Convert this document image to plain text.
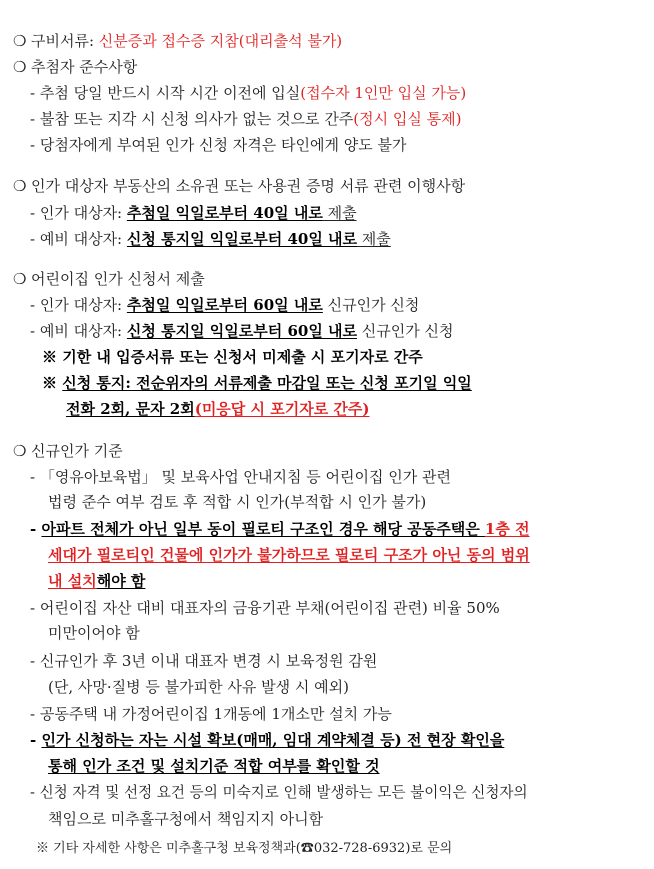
❍ 구비서류: 신분증과 접수증 지참(대리출석 불가)
❍ 추첨자 준수사항
- 추첨 당일 반드시 시작 시간 이전에 입실(접수자 1인만 입실 가능)
- 불참 또는 지각 시 신청 의사가 없는 것으로 간주(정시 입실 통제)
- 당첨자에게 부여된 인가 신청 자격은 타인에게 양도 불가
❍ 인가 대상자 부동산의 소유권 또는 사용권 증명 서류 관련 이행사항
- 인가 대상자: 추첨일 익일로부터 40일 내로 제출
- 예비 대상자: 신청 통지일 익일로부터 40일 내로 제출
❍ 어린이집 인가 신청서 제출
- 인가 대상자: 추첨일 익일로부터 60일 내로 신규인가 신청
- 예비 대상자: 신청 통지일 익일로부터 60일 내로 신규인가 신청
※ 기한 내 입증서류 또는 신청서 미제출 시 포기자로 간주
※ 신청 통지: 전순위자의 서류제출 마감일 또는 신청 포기일 익일
전화 2회, 문자 2회(미응답 시 포기자로 간주)
❍ 신규인가 기준
- 「영유아보육법」 및 보육사업 안내지침 등 어린이집 인가 관련
법령 준수 여부 검토 후 적합 시 인가(부적합 시 인가 불가)
- 아파트 전체가 아닌 일부 동이 필로티 구조인 경우 해당 공동주택은 1층 전
세대가 필로티인 건물에 인가가 불가하므로 필로티 구조가 아닌 동의 범위
내 설치해야 함
- 어린이집 자산 대비 대표자의 금융기관 부채(어린이집 관련) 비율 50%
미만이어야 함
- 신규인가 후 3년 이내 대표자 변경 시 보육정원 감원
(단, 사망·질병 등 불가피한 사유 발생 시 예외)
- 공동주택 내 가정어린이집 1개동에 1개소만 설치 가능
- 인가 신청하는 자는 시설 확보(매매, 임대 계약체결 등) 전 현장 확인을
통해 인가 조건 및 설치기준 적합 여부를 확인할 것
- 신청 자격 및 선정 요건 등의 미숙지로 인해 발생하는 모든 불이익은 신청자의
책임으로 미추홀구청에서 책임지지 아니함
※ 기타 자세한 사항은 미추홀구청 보육정책과(☎032-728-6932)로 문의
